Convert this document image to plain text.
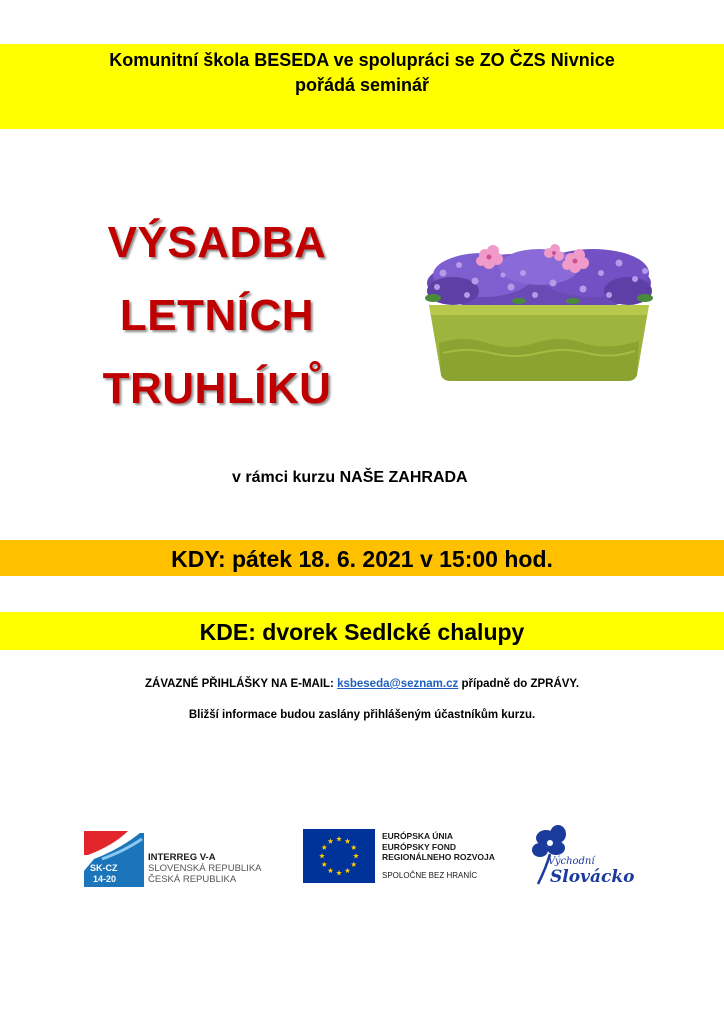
Komunitní škola BESEDA ve spolupráci se ZO ČZS Nivnice
pořádá seminář
VÝSADBA
LETNÍCH
TRUHLÍKŮ
v rámci kurzu NAŠE ZAHRADA
KDY: pátek 18. 6. 2021 v 15:00 hod.
KDE: dvorek Sedlcké chalupy
ZÁVAZNÉ PŘIHLÁŠKY NA E-MAIL: ksbeseda@seznam.cz případně do ZPRÁVY.
Bližší informace budou zaslány přihlášeným účastníkům kurzu.
SK-CZ
14-20
INTERREG V-A
SLOVENSKÁ REPUBLIKA
ČESKÁ REPUBLIKA
EURÓPSKA ÚNIA
EURÓPSKY FOND
REGIONÁLNEHO ROZVOJA
SPOLOČNE BEZ HRANÍC
Východní
Slovácko
